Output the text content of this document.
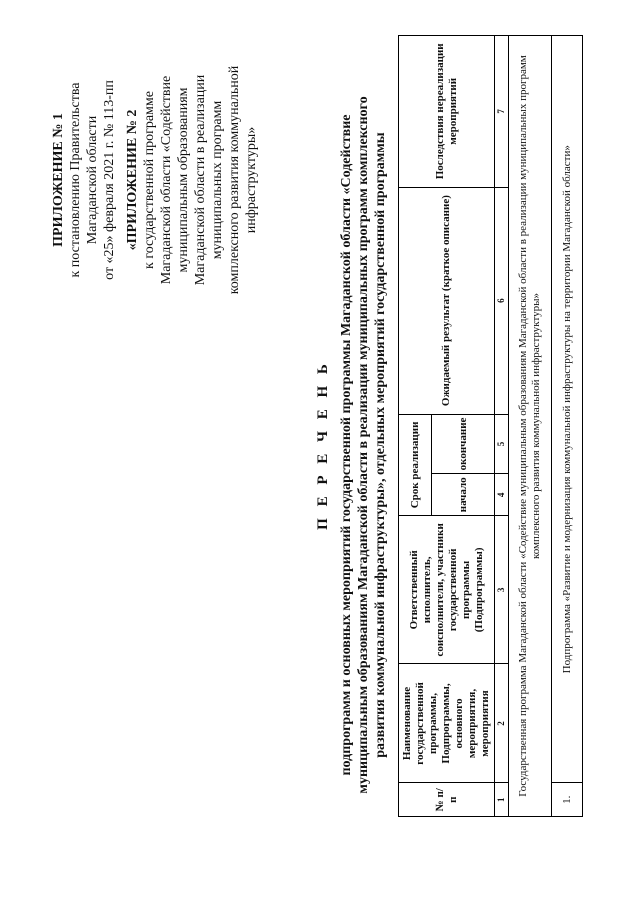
ПРИЛОЖЕНИЕ № 1 к постановлению Правительства Магаданской области от «25» февраля 2021 г. № 113-пп «ПРИЛОЖЕНИЕ № 2 к государственной программе Магаданской области «Содействие муниципальным образованиям Магаданской области в реализации муниципальных программ комплексного развития коммунальной инфраструктуры»
П Е Р Е Ч Е Н Ь подпрограмм и основных мероприятий государственной программы Магаданской области «Содействие муниципальным образованиям Магаданской области в реализации муниципальных программ комплексного развития коммунальной инфраструктуры», отдельных мероприятий государственной программы
№ п/п	Наименование государственной программы, Подпрограммы, основного мероприятия, мероприятия	Ответственный исполнитель, соисполнители, участники государственной программы (Подпрограммы)	Срок реализации		Ожидаемый результат (краткое описание)	Последствия нереализации мероприятий
			начало	окончание		
1	2	3	4	5	6	7
Государственная программа Магаданской области «Содействие муниципальным образованиям Магаданской области в реализации муниципальных программ комплексного развития коммунальной инфраструктуры»						
1.	Подпрограмма «Развитие и модернизация коммунальной инфраструктуры на территории Магаданской области»					
